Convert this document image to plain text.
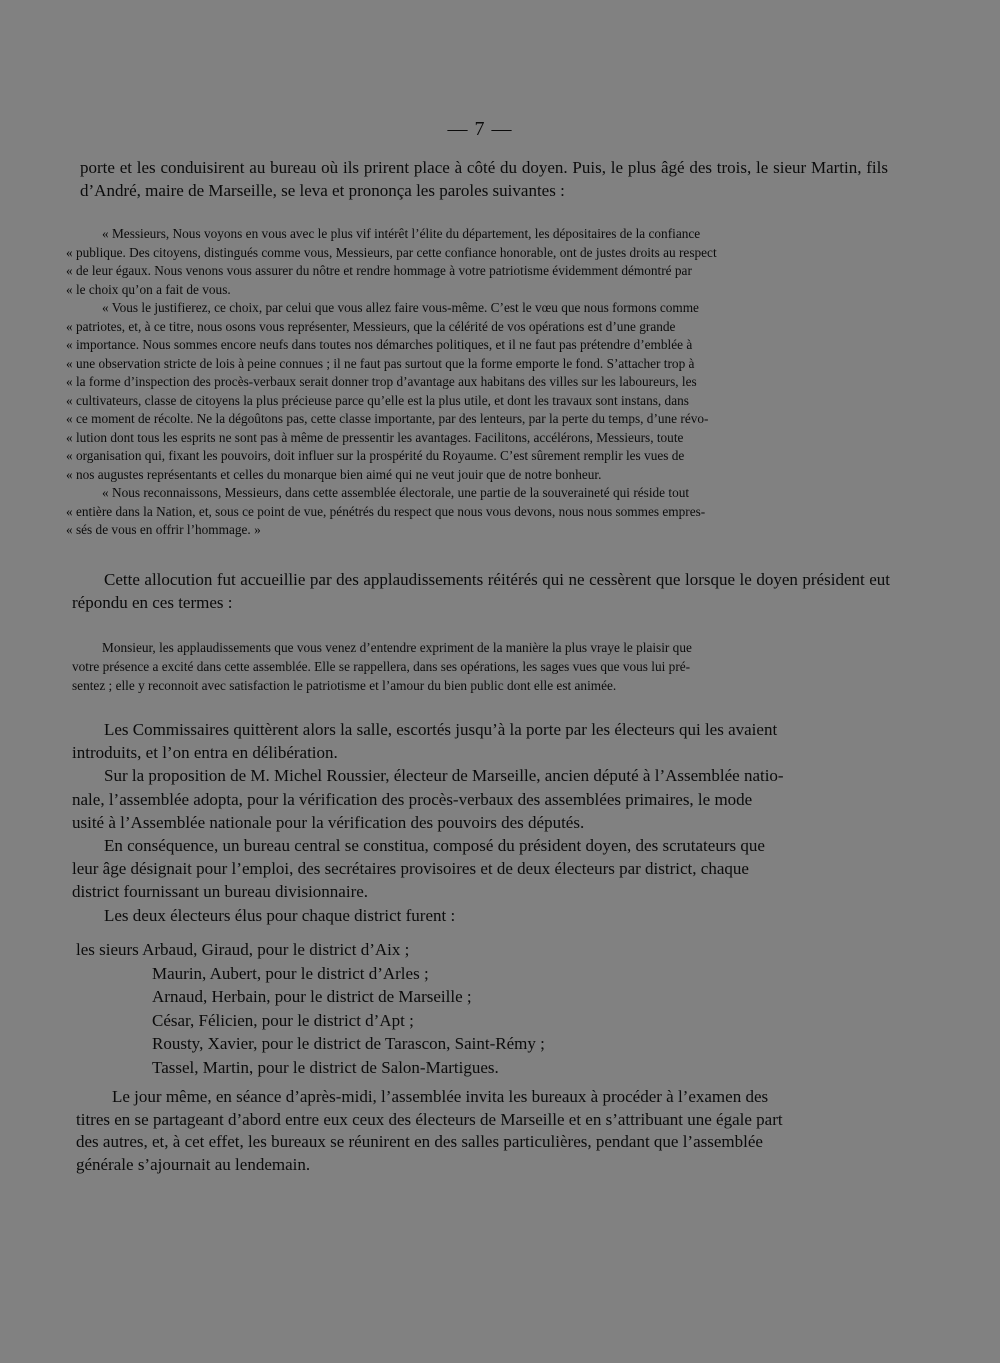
— 7 —
porte et les conduisirent au bureau où ils prirent place à côté du doyen. Puis, le plus âgé des trois, le sieur Martin, fils d’André, maire de Marseille, se leva et prononça les paroles suivantes :
« Messieurs, Nous voyons en vous avec le plus vif intérêt l’élite du département, les dépositaires de la confiance
« publique. Des citoyens, distingués comme vous, Messieurs, par cette confiance honorable, ont de justes droits au respect
« de leur égaux. Nous venons vous assurer du nôtre et rendre hommage à votre patriotisme évidemment démontré par
« le choix qu’on a fait de vous.
« Vous le justifierez, ce choix, par celui que vous allez faire vous-même. C’est le vœu que nous formons comme
« patriotes, et, à ce titre, nous osons vous représenter, Messieurs, que la célérité de vos opérations est d’une grande
« importance. Nous sommes encore neufs dans toutes nos démarches politiques, et il ne faut pas prétendre d’emblée à
« une observation stricte de lois à peine connues ; il ne faut pas surtout que la forme emporte le fond. S’attacher trop à
« la forme d’inspection des procès-verbaux serait donner trop d’avantage aux habitans des villes sur les laboureurs, les
« cultivateurs, classe de citoyens la plus précieuse parce qu’elle est la plus utile, et dont les travaux sont instans, dans
« ce moment de récolte. Ne la dégoûtons pas, cette classe importante, par des lenteurs, par la perte du temps, d’une révo-
« lution dont tous les esprits ne sont pas à même de pressentir les avantages. Facilitons, accélérons, Messieurs, toute
« organisation qui, fixant les pouvoirs, doit influer sur la prospérité du Royaume. C’est sûrement remplir les vues de
« nos augustes représentants et celles du monarque bien aimé qui ne veut jouir que de notre bonheur.
« Nous reconnaissons, Messieurs, dans cette assemblée électorale, une partie de la souveraineté qui réside tout
« entière dans la Nation, et, sous ce point de vue, pénétrés du respect que nous vous devons, nous nous sommes empres-
« sés de vous en offrir l’hommage. »
Cette allocution fut accueillie par des applaudissements réitérés qui ne cessèrent que lorsque le doyen président eut répondu en ces termes :
Monsieur, les applaudissements que vous venez d’entendre expriment de la manière la plus vraye le plaisir que
votre présence a excité dans cette assemblée. Elle se rappellera, dans ses opérations, les sages vues que vous lui pré-
sentez ; elle y reconnoit avec satisfaction le patriotisme et l’amour du bien public dont elle est animée.
Les Commissaires quittèrent alors la salle, escortés jusqu’à la porte par les électeurs qui les avaient
introduits, et l’on entra en délibération.
Sur la proposition de M. Michel Roussier, électeur de Marseille, ancien député à l’Assemblée natio-
nale, l’assemblée adopta, pour la vérification des procès-verbaux des assemblées primaires, le mode
usité à l’Assemblée nationale pour la vérification des pouvoirs des députés.
En conséquence, un bureau central se constitua, composé du président doyen, des scrutateurs que
leur âge désignait pour l’emploi, des secrétaires provisoires et de deux électeurs par district, chaque
district fournissant un bureau divisionnaire.
Les deux électeurs élus pour chaque district furent :
les sieurs Arbaud, Giraud, pour le district d’Aix ;
Maurin, Aubert, pour le district d’Arles ;
Arnaud, Herbain, pour le district de Marseille ;
César, Félicien, pour le district d’Apt ;
Rousty, Xavier, pour le district de Tarascon, Saint-Rémy ;
Tassel, Martin, pour le district de Salon-Martigues.
Le jour même, en séance d’après-midi, l’assemblée invita les bureaux à procéder à l’examen des
titres en se partageant d’abord entre eux ceux des électeurs de Marseille et en s’attribuant une égale part
des autres, et, à cet effet, les bureaux se réunirent en des salles particulières, pendant que l’assemblée
générale s’ajournait au lendemain.
